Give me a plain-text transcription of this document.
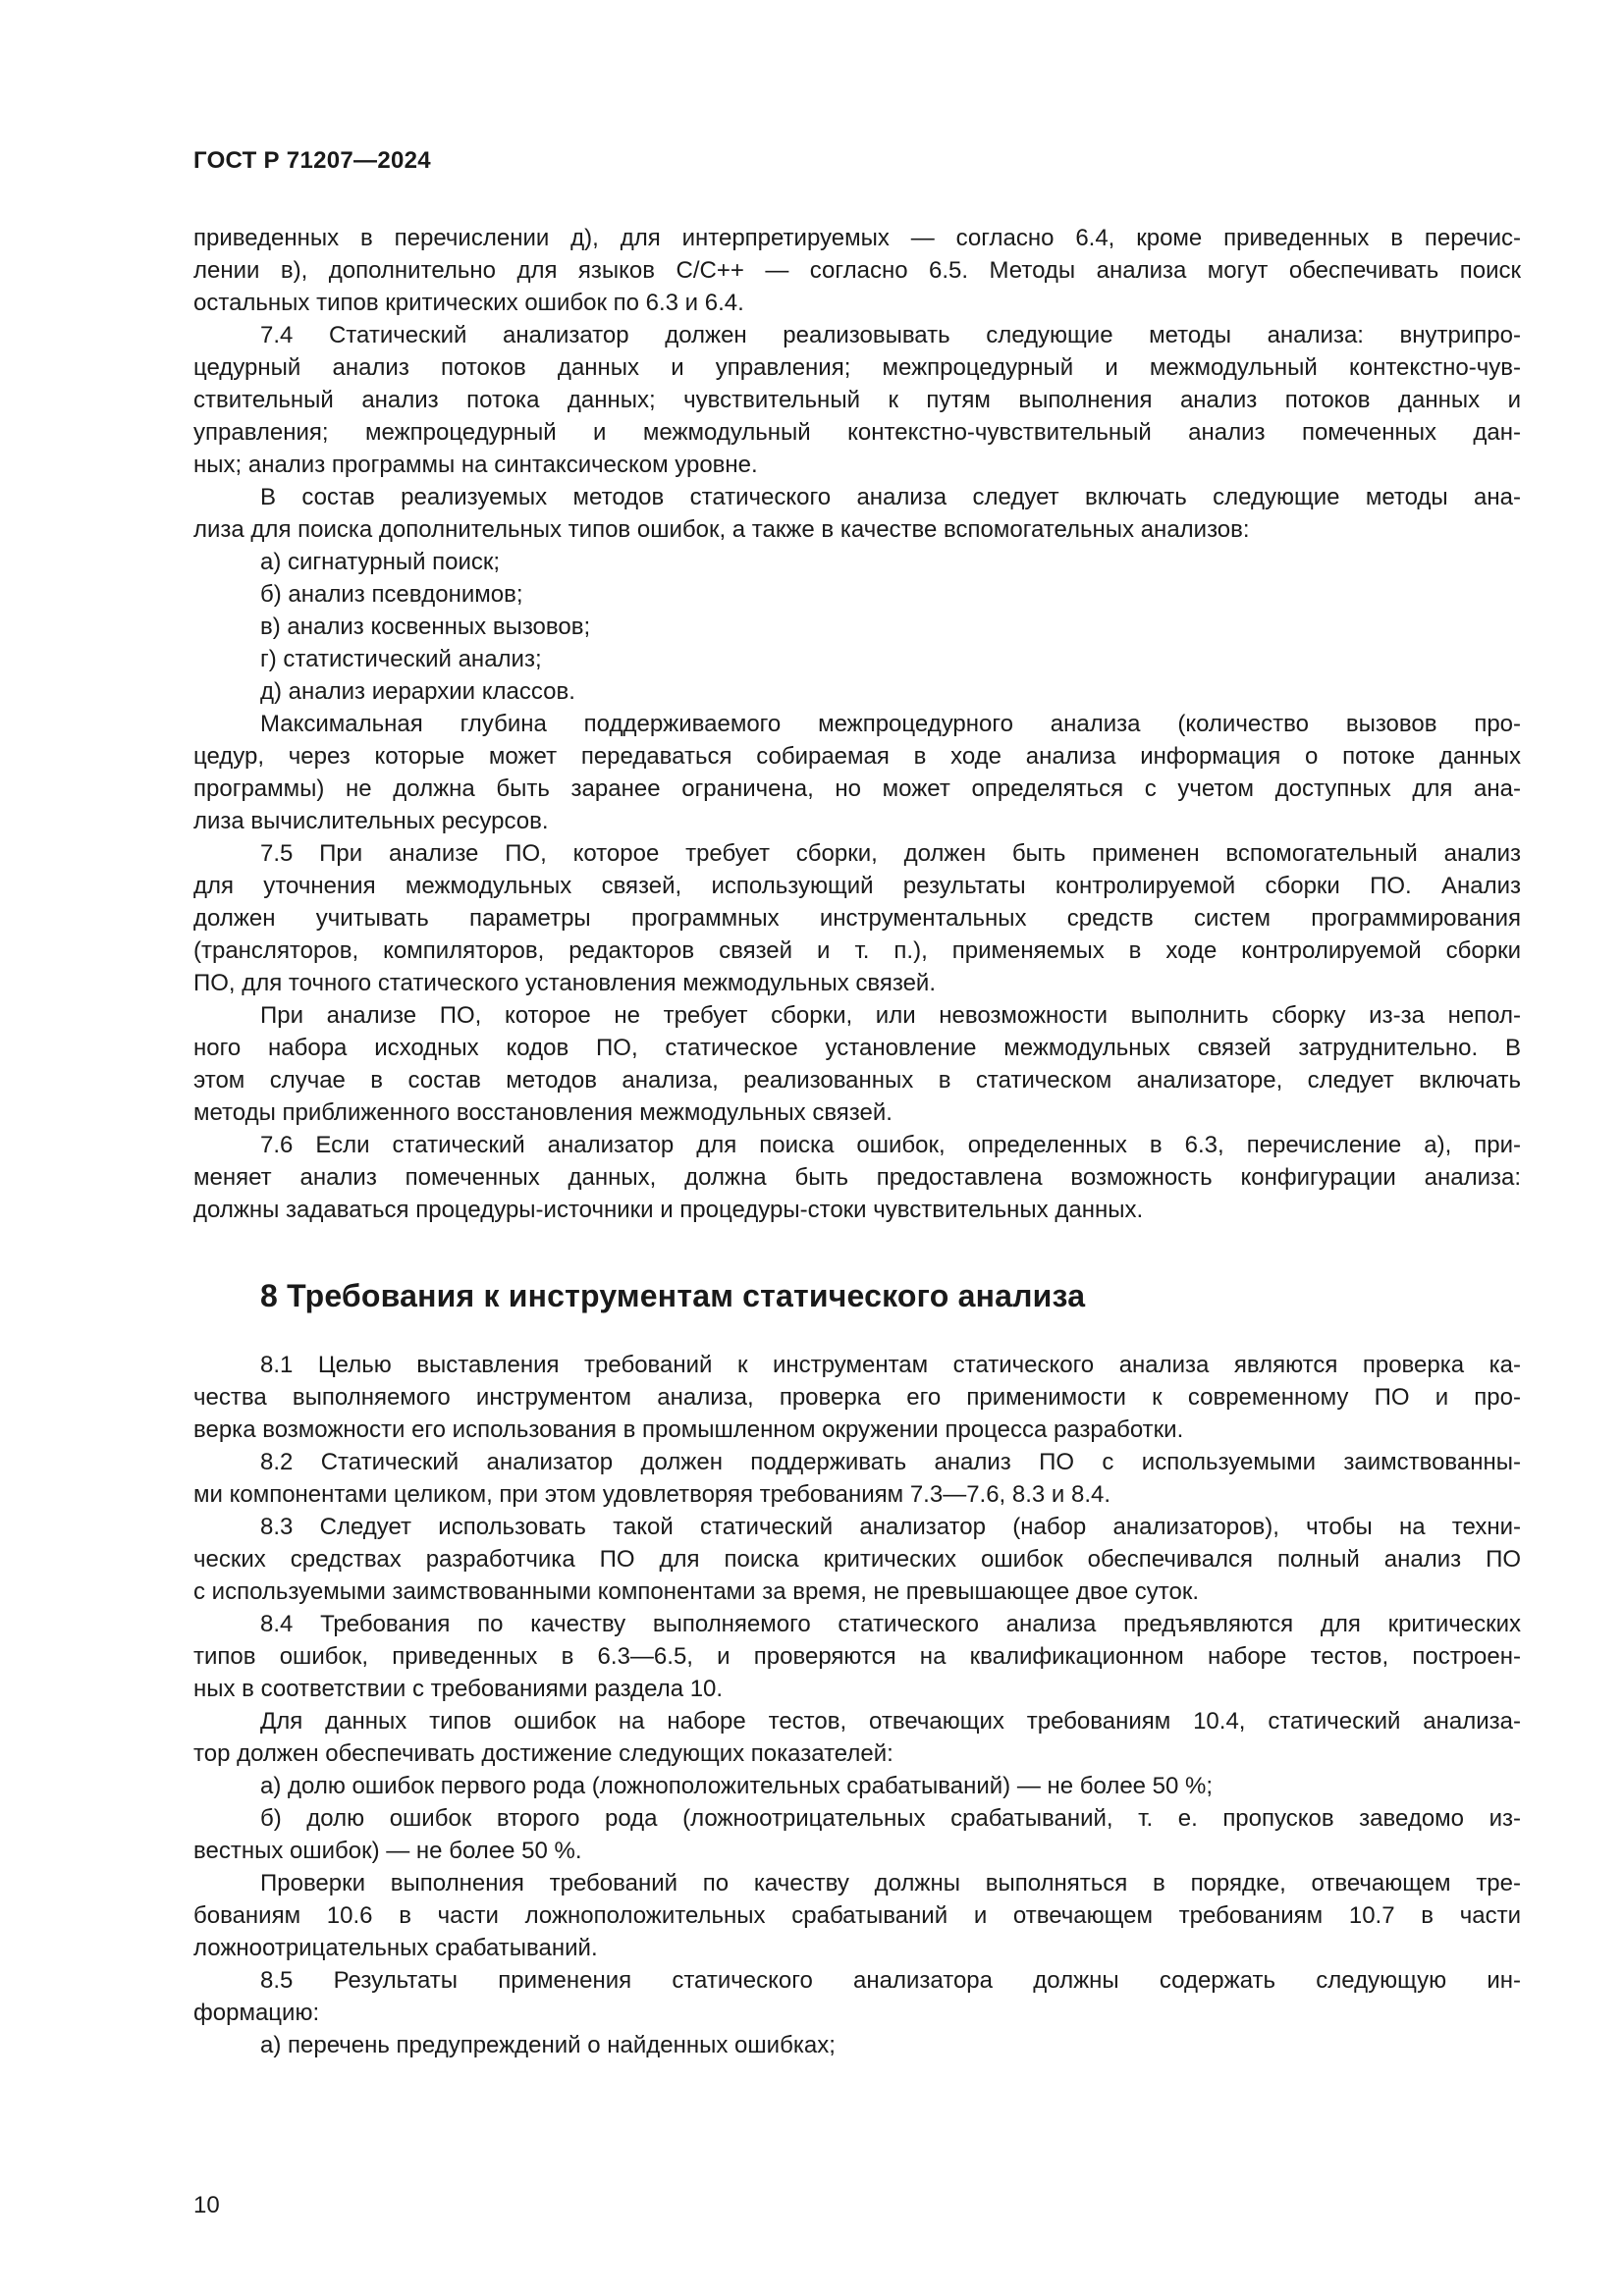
ГОСТ Р 71207—2024

приведенных в перечислении д), для интерпретируемых — согласно 6.4, кроме приведенных в перечис-

лении в), дополнительно для языков C/C++ — согласно 6.5. Методы анализа могут обеспечивать поиск

остальных типов критических ошибок по 6.3 и 6.4.

7.4 Статический анализатор должен реализовывать следующие методы анализа: внутрипро-

цедурный анализ потоков данных и управления; межпроцедурный и межмодульный контекстно-чув-

ствительный анализ потока данных; чувствительный к путям выполнения анализ потоков данных и

управления; межпроцедурный и межмодульный контекстно-чувствительный анализ помеченных дан-

ных; анализ программы на синтаксическом уровне.

В состав реализуемых методов статического анализа следует включать следующие методы ана-

лиза для поиска дополнительных типов ошибок, а также в качестве вспомогательных анализов:

а) сигнатурный поиск;

б) анализ псевдонимов;

в) анализ косвенных вызовов;

г) статистический анализ;

д) анализ иерархии классов.

Максимальная глубина поддерживаемого межпроцедурного анализа (количество вызовов про-

цедур, через которые может передаваться собираемая в ходе анализа информация о потоке данных

программы) не должна быть заранее ограничена, но может определяться с учетом доступных для ана-

лиза вычислительных ресурсов.

7.5 При анализе ПО, которое требует сборки, должен быть применен вспомогательный анализ

для уточнения межмодульных связей, использующий результаты контролируемой сборки ПО. Анализ

должен учитывать параметры программных инструментальных средств систем программирования

(трансляторов, компиляторов, редакторов связей и т. п.), применяемых в ходе контролируемой сборки

ПО, для точного статического установления межмодульных связей.

При анализе ПО, которое не требует сборки, или невозможности выполнить сборку из-за непол-

ного набора исходных кодов ПО, статическое установление межмодульных связей затруднительно. В

этом случае в состав методов анализа, реализованных в статическом анализаторе, следует включать

методы приближенного восстановления межмодульных связей.

7.6 Если статический анализатор для поиска ошибок, определенных в 6.3, перечисление а), при-

меняет анализ помеченных данных, должна быть предоставлена возможность конфигурации анализа:

должны задаваться процедуры-источники и процедуры-стоки чувствительных данных.

8 Требования к инструментам статического анализа

8.1 Целью выставления требований к инструментам статического анализа являются проверка ка-

чества выполняемого инструментом анализа, проверка его применимости к современному ПО и про-

верка возможности его использования в промышленном окружении процесса разработки.

8.2 Статический анализатор должен поддерживать анализ ПО с используемыми заимствованны-

ми компонентами целиком, при этом удовлетворяя требованиям 7.3—7.6, 8.3 и 8.4.

8.3 Следует использовать такой статический анализатор (набор анализаторов), чтобы на техни-

ческих средствах разработчика ПО для поиска критических ошибок обеспечивался полный анализ ПО

с используемыми заимствованными компонентами за время, не превышающее двое суток.

8.4 Требования по качеству выполняемого статического анализа предъявляются для критических

типов ошибок, приведенных в 6.3—6.5, и проверяются на квалификационном наборе тестов, построен-

ных в соответствии с требованиями раздела 10.

Для данных типов ошибок на наборе тестов, отвечающих требованиям 10.4, статический анализа-

тор должен обеспечивать достижение следующих показателей:

а) долю ошибок первого рода (ложноположительных срабатываний) — не более 50 %;

б) долю ошибок второго рода (ложноотрицательных срабатываний, т. е. пропусков заведомо из-

вестных ошибок) — не более 50 %.

Проверки выполнения требований по качеству должны выполняться в порядке, отвечающем тре-

бованиям 10.6 в части ложноположительных срабатываний и отвечающем требованиям 10.7 в части

ложноотрицательных срабатываний.

8.5 Результаты применения статического анализатора должны содержать следующую ин-

формацию:

а) перечень предупреждений о найденных ошибках;

10
